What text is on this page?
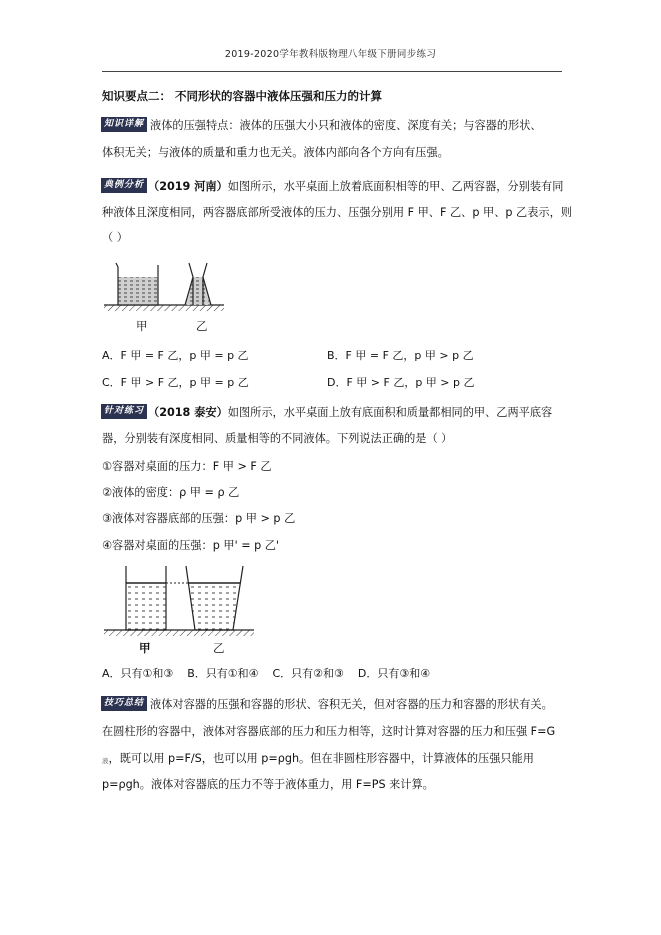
2019-2020学年教科版物理八年级下册同步练习
知识要点二： 不同形状的容器中液体压强和压力的计算
知识详解 液体的压强特点：液体的压强大小只和液体的密度、深度有关；与容器的形状、
体积无关；与液体的质量和重力也无关。液体内部向各个方向有压强。
典例分析 （2019 河南）如图所示，水平桌面上放着底面积相等的甲、乙两容器，分别装有同
种液体且深度相同，两容器底部所受液体的压力、压强分别用 F 甲、F 乙、p 甲、p 乙表示，则
（ ）
甲	乙
A．F 甲 = F 乙，p 甲 = p 乙	B．F 甲 = F 乙，p 甲 > p 乙
C．F 甲 > F 乙，p 甲 = p 乙	D．F 甲 > F 乙，p 甲 > p 乙
针对练习 （2018 泰安）如图所示，水平桌面上放有底面积和质量都相同的甲、乙两平底容
器，分别装有深度相同、质量相等的不同液体。下列说法正确的是（ ）
①容器对桌面的压力：F 甲 > F 乙
②液体的密度：ρ 甲 = ρ 乙
③液体对容器底部的压强：p 甲 > p 乙
④容器对桌面的压强：p 甲' = p 乙'
甲	乙
A．只有①和③    B．只有①和④    C．只有②和③    D．只有③和④
技巧总结 液体对容器的压强和容器的形状、容积无关，但对容器的压力和容器的形状有关。
在圆柱形的容器中，液体对容器底部的压力和压力相等，这时计算对容器的压力和压强 F=G
液，既可以用 p=F/S，也可以用 p=ρgh。但在非圆柱形容器中，计算液体的压强只能用
p=ρgh。液体对容器底的压力不等于液体重力，用 F=PS 来计算。
